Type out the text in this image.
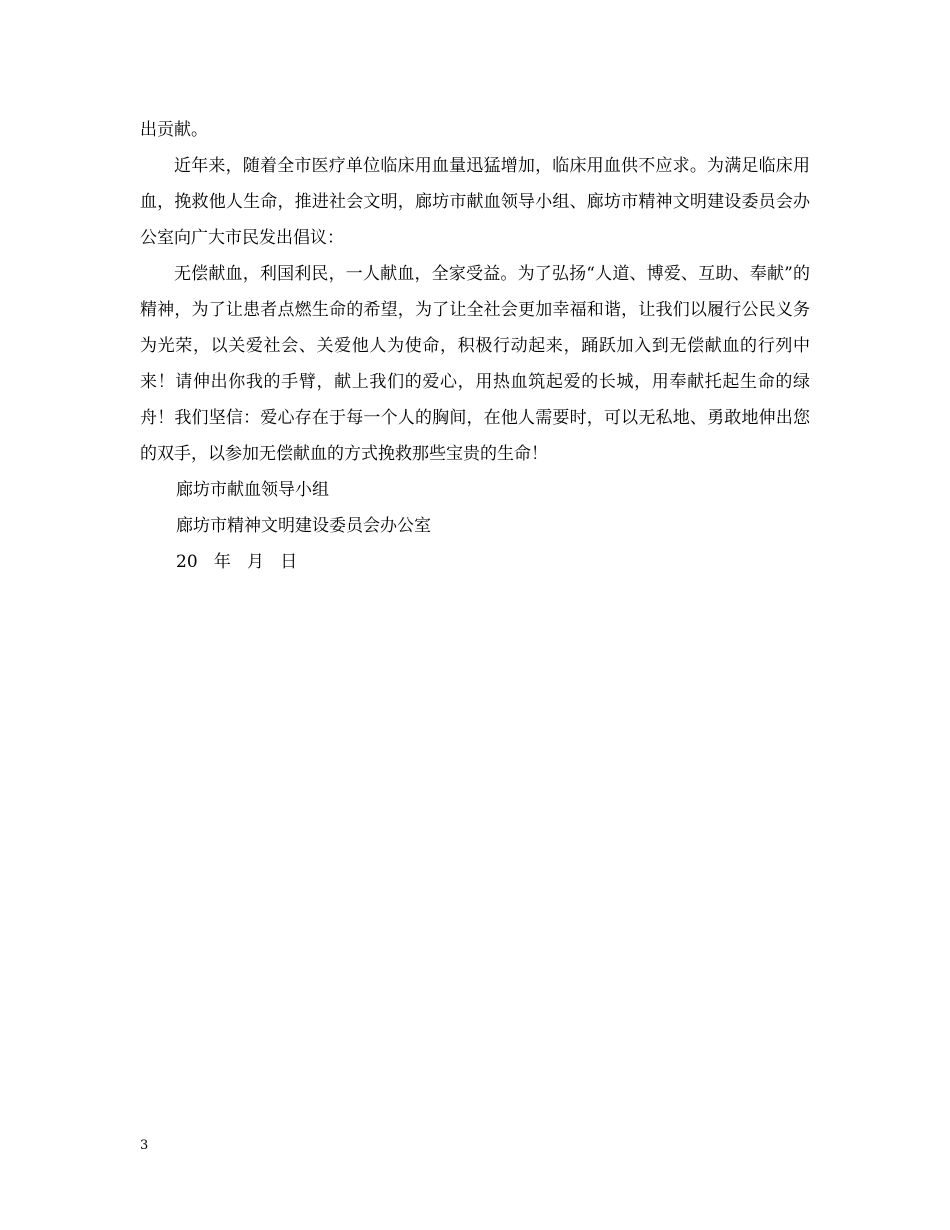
出贡献。

近年来，随着全市医疗单位临床用血量迅猛增加，临床用血供不应求。为满足临床用血，挽救他人生命，推进社会文明，廊坊市献血领导小组、廊坊市精神文明建设委员会办公室向广大市民发出倡议：

无偿献血，利国利民，一人献血，全家受益。为了弘扬“人道、博爱、互助、奉献”的精神，为了让患者点燃生命的希望，为了让全社会更加幸福和谐，让我们以履行公民义务为光荣，以关爱社会、关爱他人为使命，积极行动起来，踊跃加入到无偿献血的行列中来！请伸出你我的手臂，献上我们的爱心，用热血筑起爱的长城，用奉献托起生命的绿舟！我们坚信：爱心存在于每一个人的胸间，在他人需要时，可以无私地、勇敢地伸出您的双手，以参加无偿献血的方式挽救那些宝贵的生命！

廊坊市献血领导小组

廊坊市精神文明建设委员会办公室

20   年   月   日

3
